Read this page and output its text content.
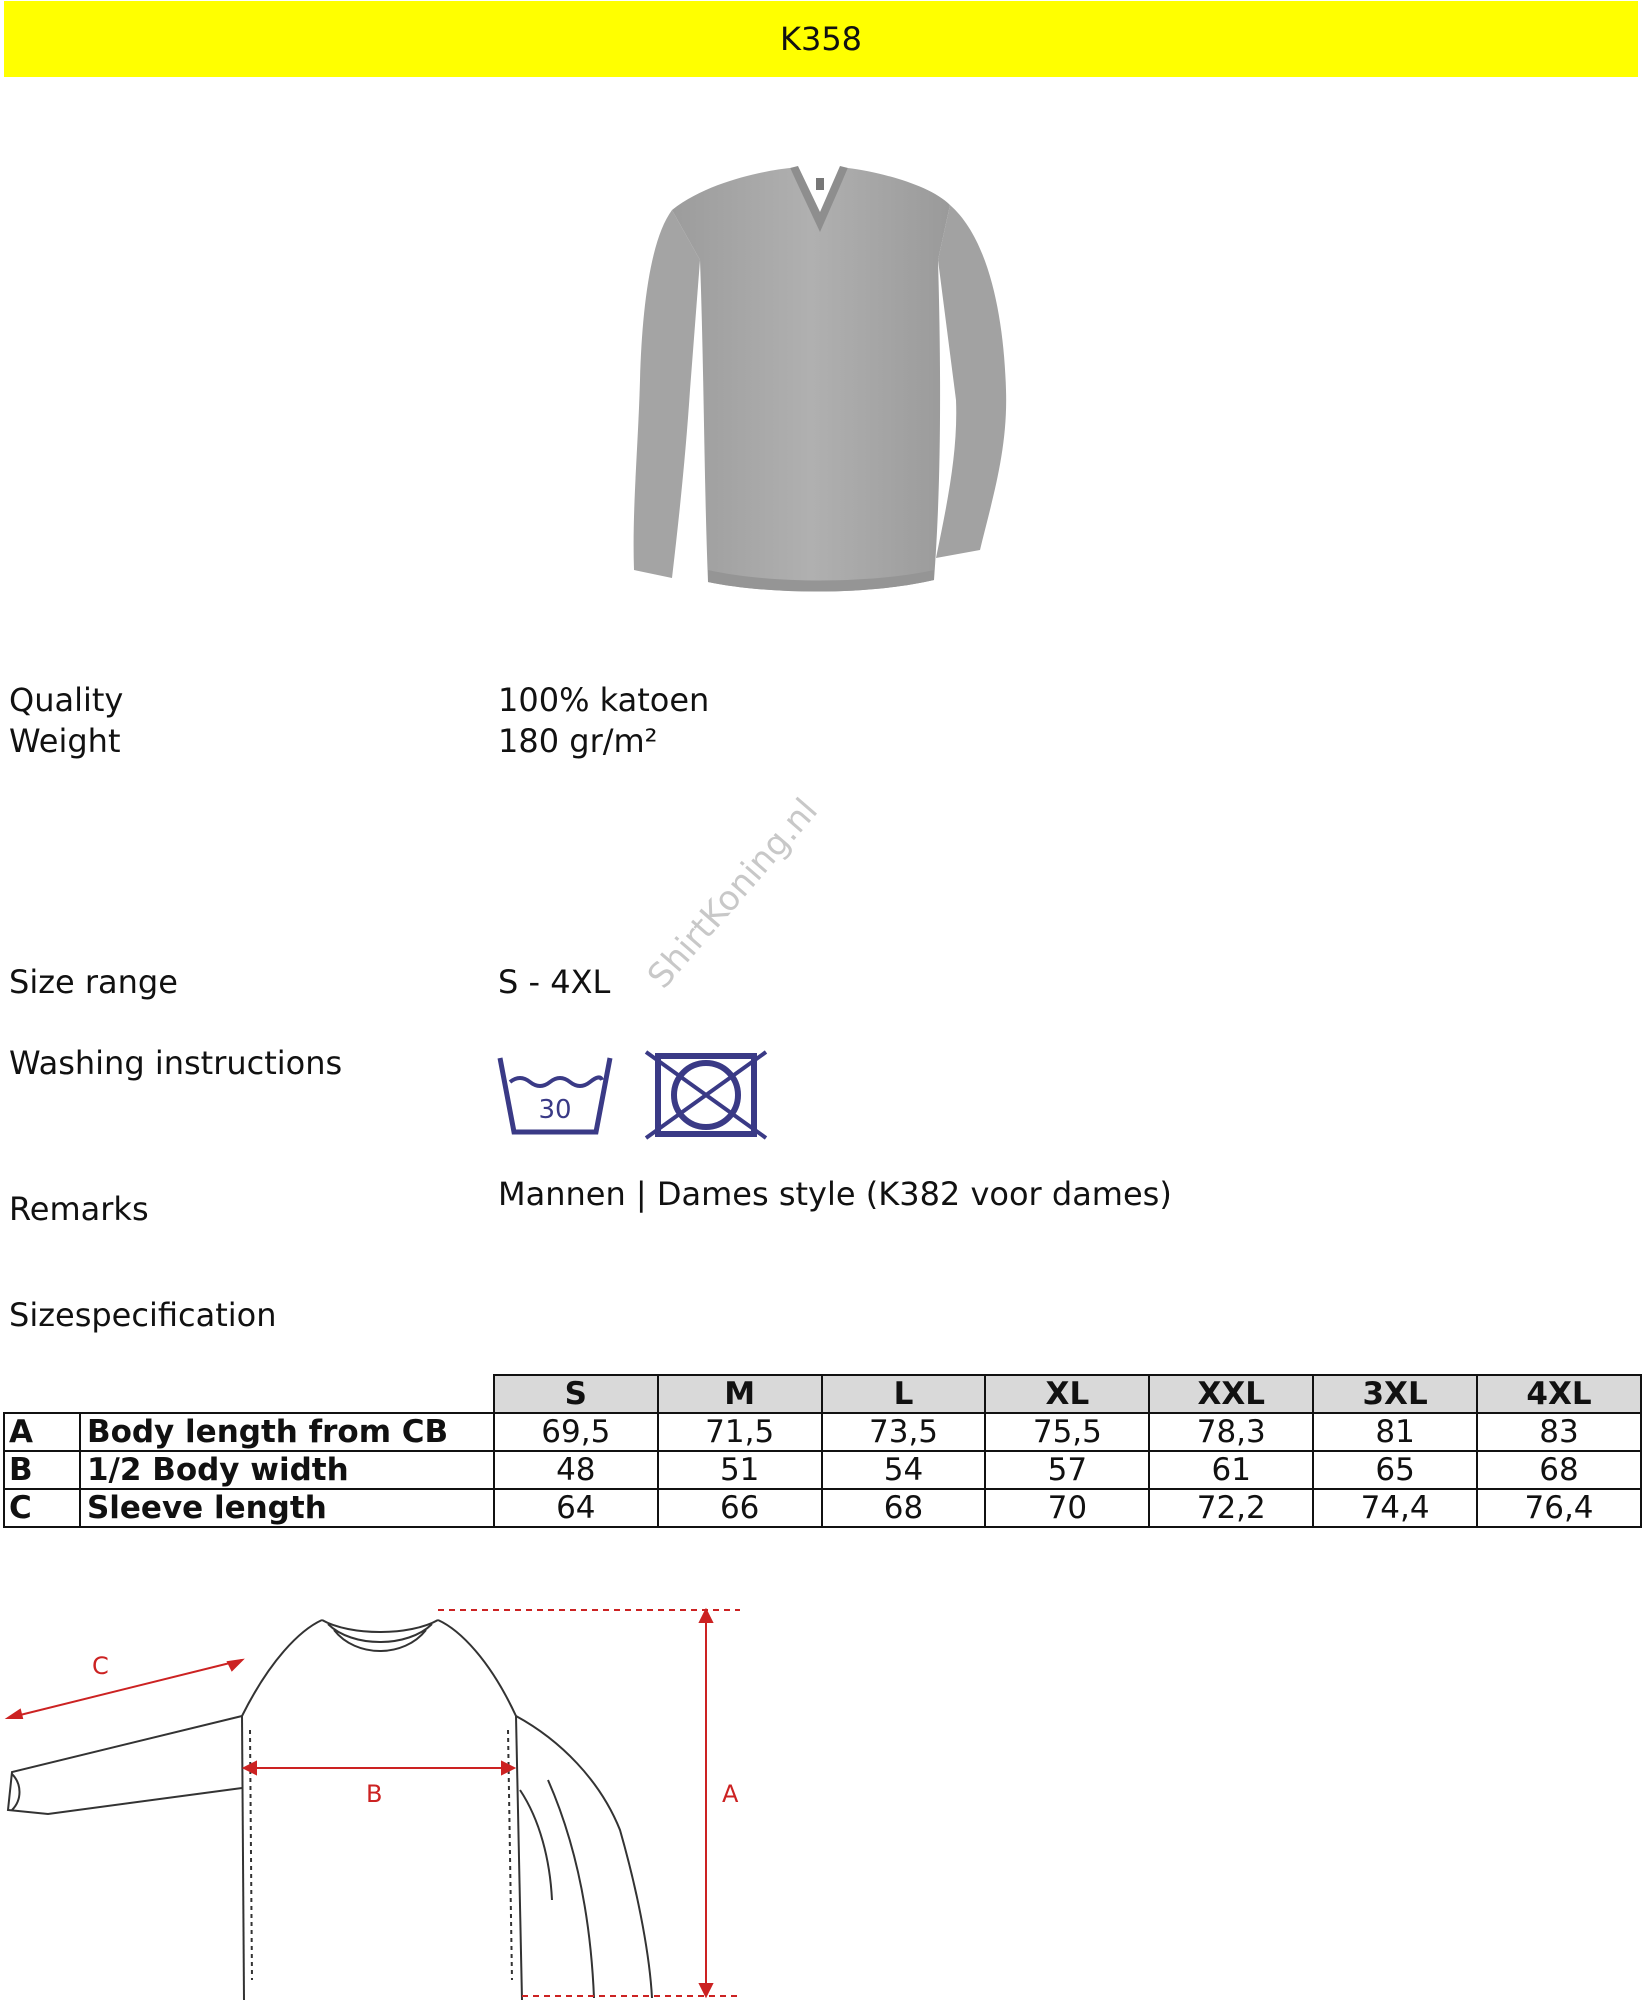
K358
Quality	100% katoen
Weight	180 gr/m²
Size range	S - 4XL
Washing instructions
30
ShirtKoning.nl
Remarks	Mannen | Dames style (K382 voor dames)
Sizespecification
		S	M	L	XL	XXL	3XL	4XL
A	Body length from CB	69,5	71,5	73,5	75,5	78,3	81	83
B	1/2 Body width	48	51	54	57	61	65	68
C	Sleeve length	64	66	68	70	72,2	74,4	76,4
C
B	A
